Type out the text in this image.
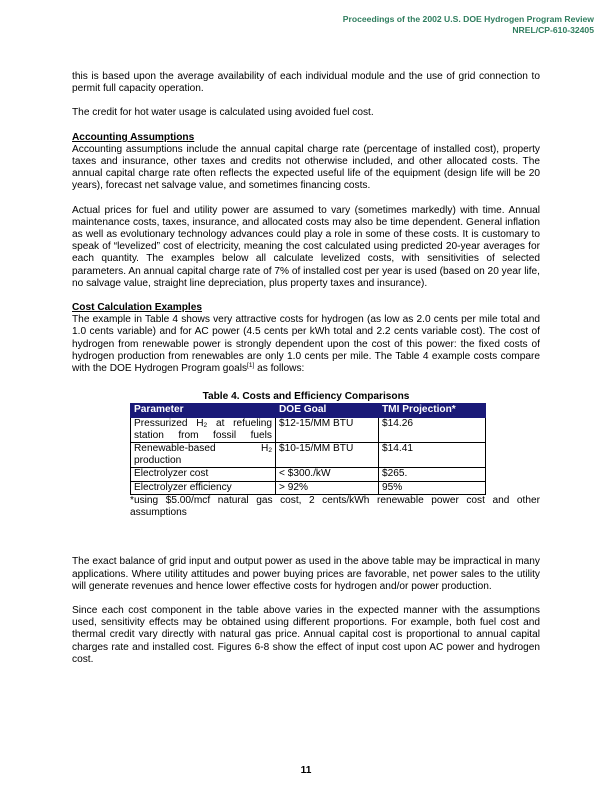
Proceedings of the 2002 U.S. DOE Hydrogen Program Review
NREL/CP-610-32405

this is based upon the average availability of each individual module and the use of grid connection to permit full capacity operation.

The credit for hot water usage is calculated using avoided fuel cost.

Accounting Assumptions

Accounting assumptions include the annual capital charge rate (percentage of installed cost), property taxes and insurance, other taxes and credits not otherwise included, and other allocated costs. The annual capital charge rate often reflects the expected useful life of the equipment (design life will be 20 years), forecast net salvage value, and sometimes financing costs.

Actual prices for fuel and utility power are assumed to vary (sometimes markedly) with time. Annual maintenance costs, taxes, insurance, and allocated costs may also be time dependent. General inflation as well as evolutionary technology advances could play a role in some of these costs. It is customary to speak of “levelized” cost of electricity, meaning the cost calculated using predicted 20-year averages for each quantity. The examples below all calculate levelized costs, with sensitivities of selected parameters. An annual capital charge rate of 7% of installed cost per year is used (based on 20 year life, no salvage value, straight line depreciation, plus property taxes and insurance).

Cost Calculation Examples

The example in Table 4 shows very attractive costs for hydrogen (as low as 2.0 cents per mile total and 1.0 cents variable) and for AC power (4.5 cents per kWh total and 2.2 cents variable cost). The cost of hydrogen from renewable power is strongly dependent upon the cost of this power: the fixed costs of hydrogen production from renewables are only 1.0 cents per mile. The Table 4 example costs compare with the DOE Hydrogen Program goals[1] as follows:

Table 4. Costs and Efficiency Comparisons
Parameter	DOE Goal	TMI Projection*
Pressurized $H_2$ at refueling station from fossil fuels	$12-15/MM BTU	$14.26
Renewable-based $H_2$ production	$10-15/MM BTU	$14.41
Electrolyzer cost	< $300./kW	$265.
Electrolyzer efficiency	> 92%	95%

*using $5.00/mcf natural gas cost, 2 cents/kWh renewable power cost and other assumptions

The exact balance of grid input and output power as used in the above table may be impractical in many applications. Where utility attitudes and power buying prices are favorable, net power sales to the utility will generate revenues and hence lower effective costs for hydrogen and/or power production.

Since each cost component in the table above varies in the expected manner with the assumptions used, sensitivity effects may be obtained using different proportions. For example, both fuel cost and thermal credit vary directly with natural gas price. Annual capital cost is proportional to annual capital charges rate and installed cost. Figures 6-8 show the effect of input cost upon AC power and hydrogen cost.

11
